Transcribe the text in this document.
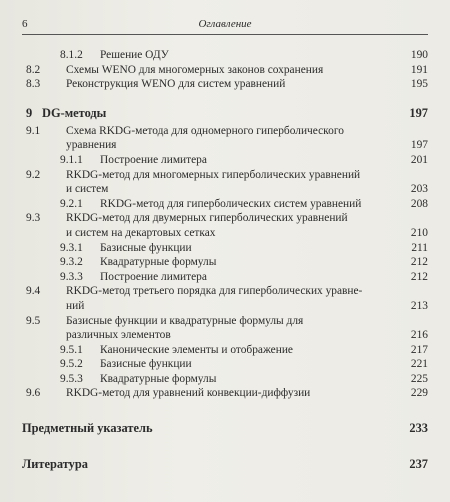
6	Оглавление
8.1.2	Решение ОДУ	190
8.2	Схемы WENO для многомерных законов сохранения	191
8.3	Реконструкция WENO для систем уравнений	195
9 DG-методы	197
9.1	Схема RKDG-метода для одномерного гиперболического
уравнения	197
9.1.1	Построение лимитера	201
9.2	RKDG-метод для многомерных гиперболических уравнений
и систем	203
9.2.1	RKDG-метод для гиперболических систем уравнений	208
9.3	RKDG-метод для двумерных гиперболических уравнений
и систем на декартовых сетках	210
9.3.1	Базисные функции	211
9.3.2	Квадратурные формулы	212
9.3.3	Построение лимитера	212
9.4	RKDG-метод третьего порядка для гиперболических уравне-
ний	213
9.5	Базисные функции и квадратурные формулы для
различных элементов	216
9.5.1	Канонические элементы и отображение	217
9.5.2	Базисные функции	221
9.5.3	Квадратурные формулы	225
9.6	RKDG-метод для уравнений конвекции-диффузии	229
Предметный указатель	233
Литература	237
